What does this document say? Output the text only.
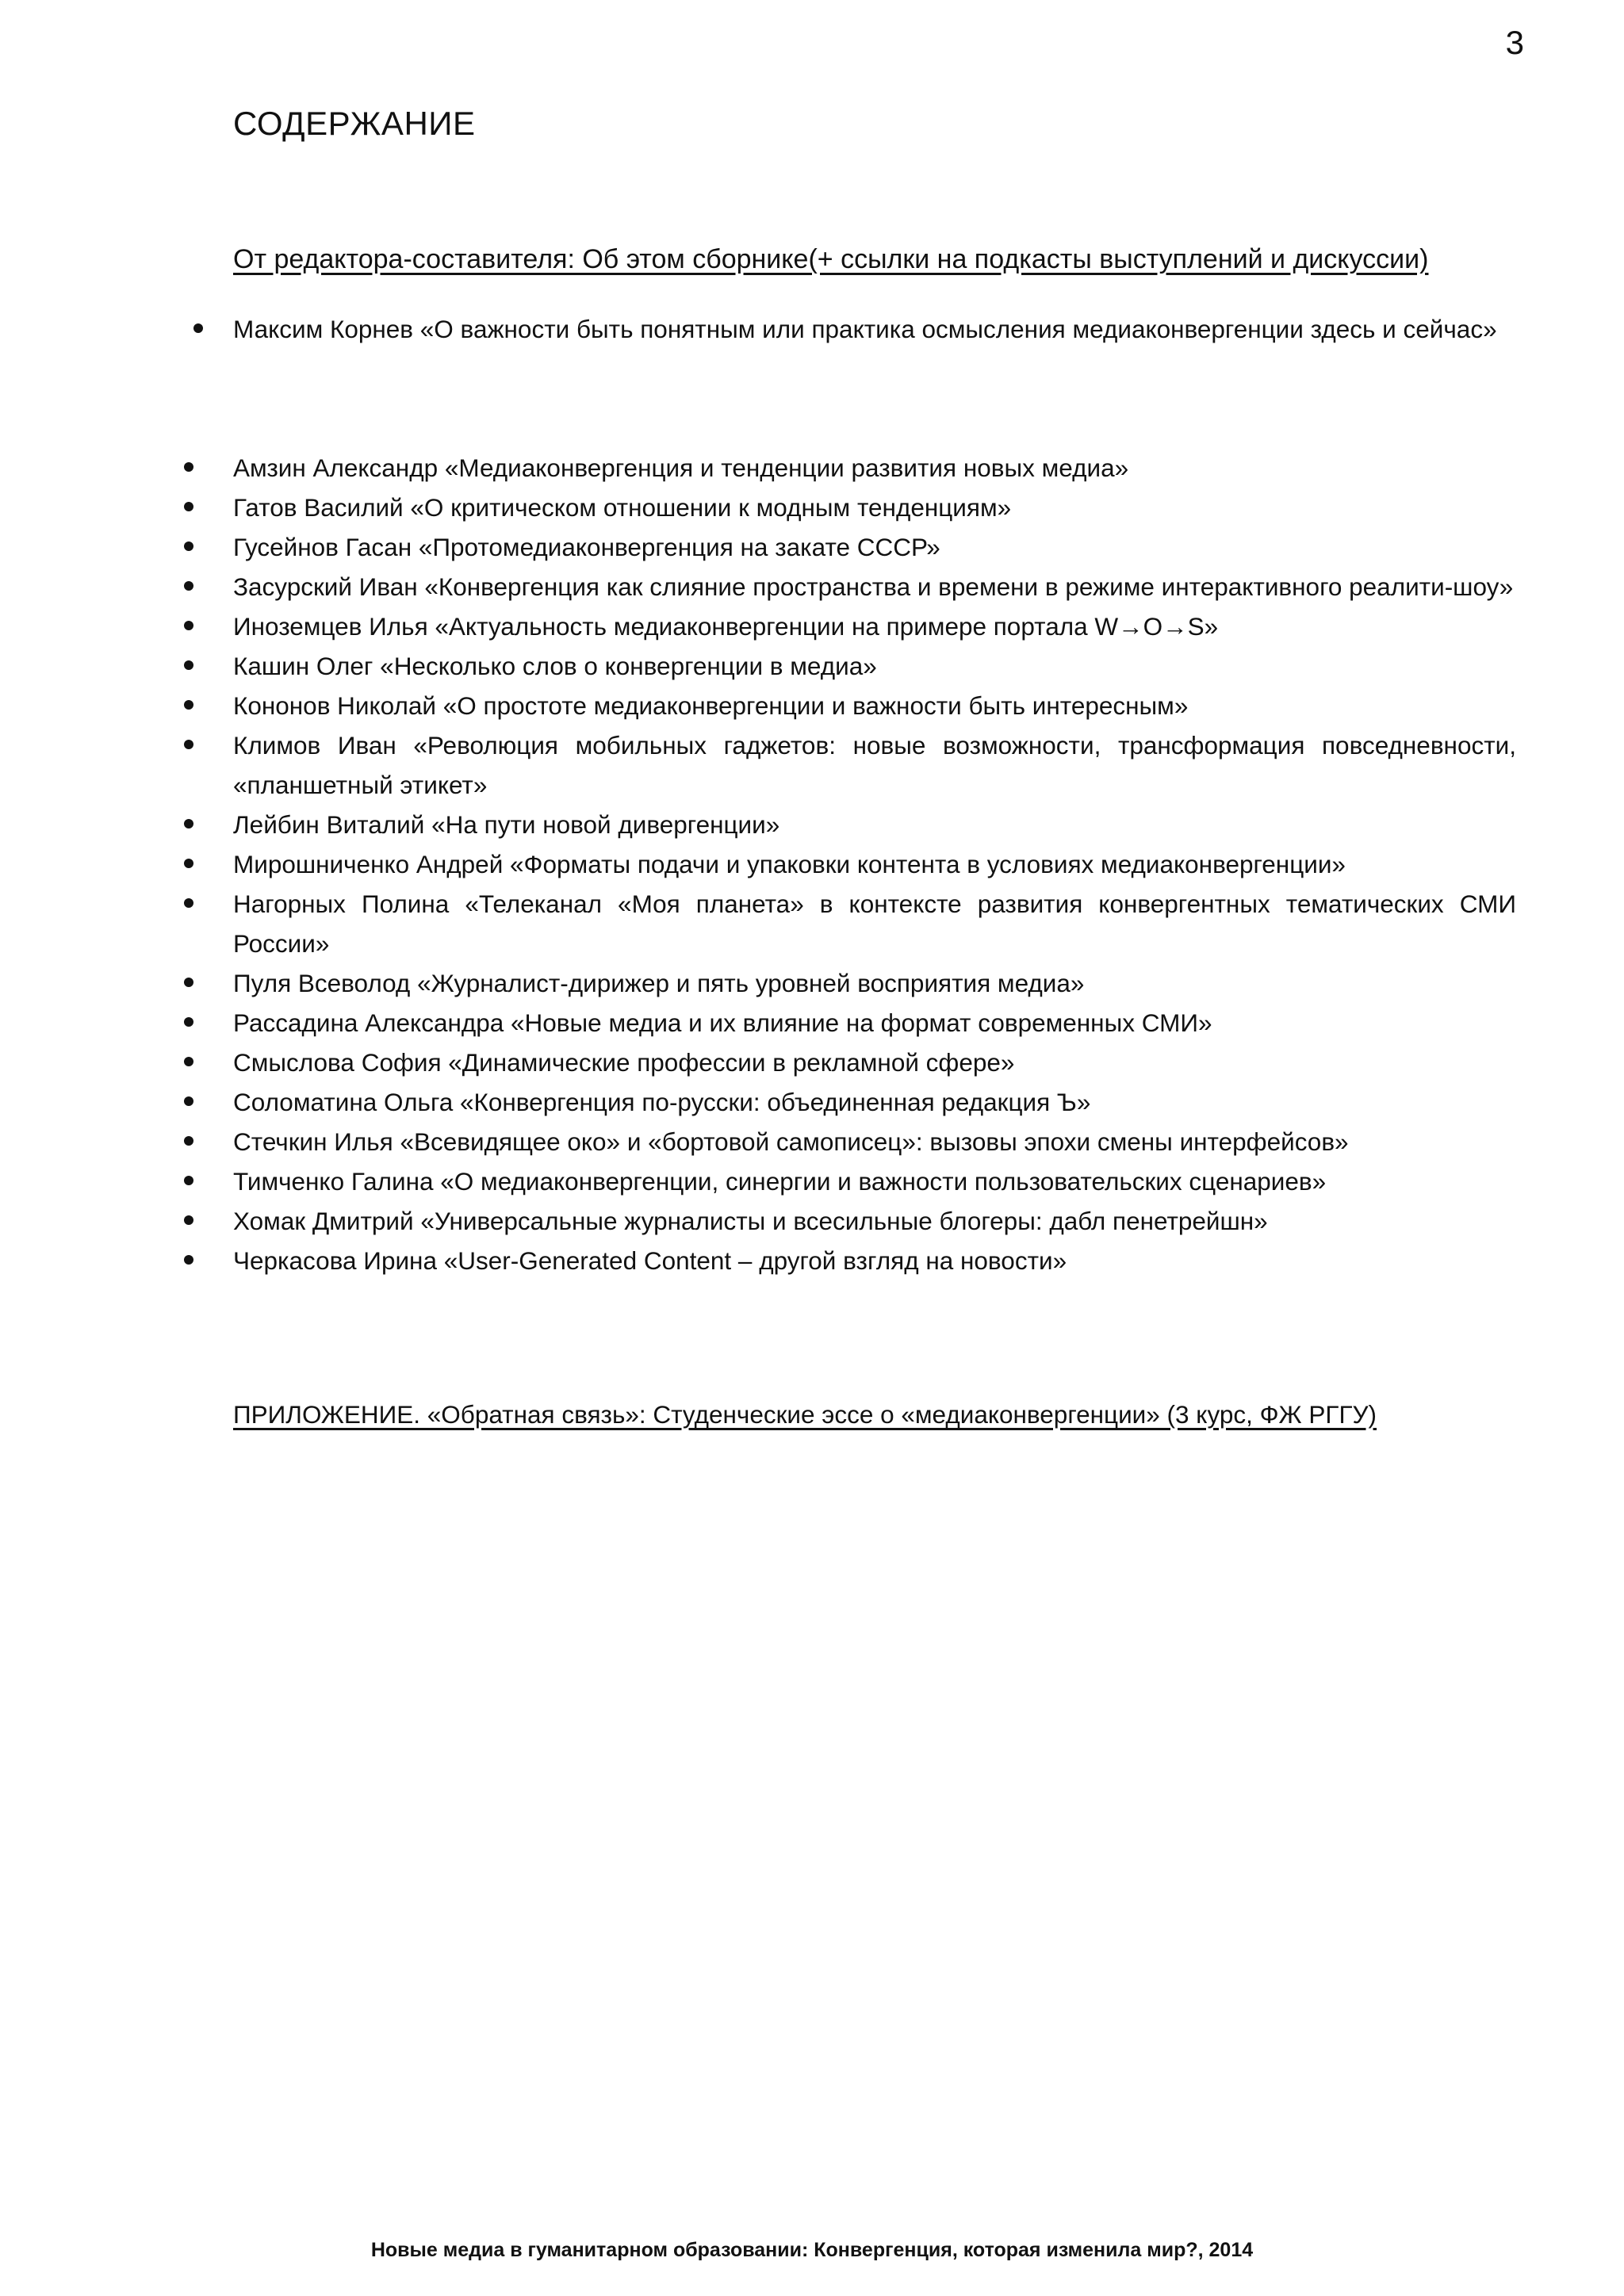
3
СОДЕРЖАНИЕ
От редактора-составителя: Об этом сборнике(+ ссылки на подкасты выступлений и дискуссии)
Максим Корнев «О важности быть понятным или практика осмысления медиаконвергенции здесь и сейчас»
Амзин Александр «Медиаконвергенция и тенденции развития новых медиа»
Гатов Василий «О критическом отношении к модным тенденциям»
Гусейнов Гасан «Протомедиаконвергенция на закате СССР»
Засурский Иван «Конвергенция как слияние пространства и времени в режиме интерактивного реалити-шоу»
Иноземцев Илья «Актуальность медиаконвергенции на примере портала W→O→S»
Кашин Олег «Несколько слов о конвергенции в медиа»
Кононов Николай «О простоте медиаконвергенции и важности быть интересным»
Климов Иван «Революция мобильных гаджетов: новые возможности, трансформация повседневности, «планшетный этикет»
Лейбин Виталий «На пути новой дивергенции»
Мирошниченко Андрей «Форматы подачи и упаковки контента в условиях медиаконвергенции»
Нагорных Полина «Телеканал «Моя планета» в контексте развития конвергентных тематических СМИ России»
Пуля Всеволод «Журналист-дирижер и пять уровней восприятия медиа»
Рассадина Александра «Новые медиа и их влияние на формат современных СМИ»
Смыслова София «Динамические профессии в рекламной сфере»
Соломатина Ольга «Конвергенция по-русски: объединенная редакция Ъ»
Стечкин Илья «Всевидящее око» и «бортовой самописец»: вызовы эпохи смены интерфейсов»
Тимченко Галина «О медиаконвергенции, синергии и важности пользовательских сценариев»
Хомак Дмитрий «Универсальные журналисты и всесильные блогеры: дабл пенетрейшн»
Черкасова Ирина «User-Generated Content – другой взгляд на новости»
ПРИЛОЖЕНИЕ. «Обратная связь»: Студенческие эссе о «медиаконвергенции» (3 курс, ФЖ РГГУ)
Новые медиа в гуманитарном образовании: Конвергенция, которая изменила мир?, 2014
